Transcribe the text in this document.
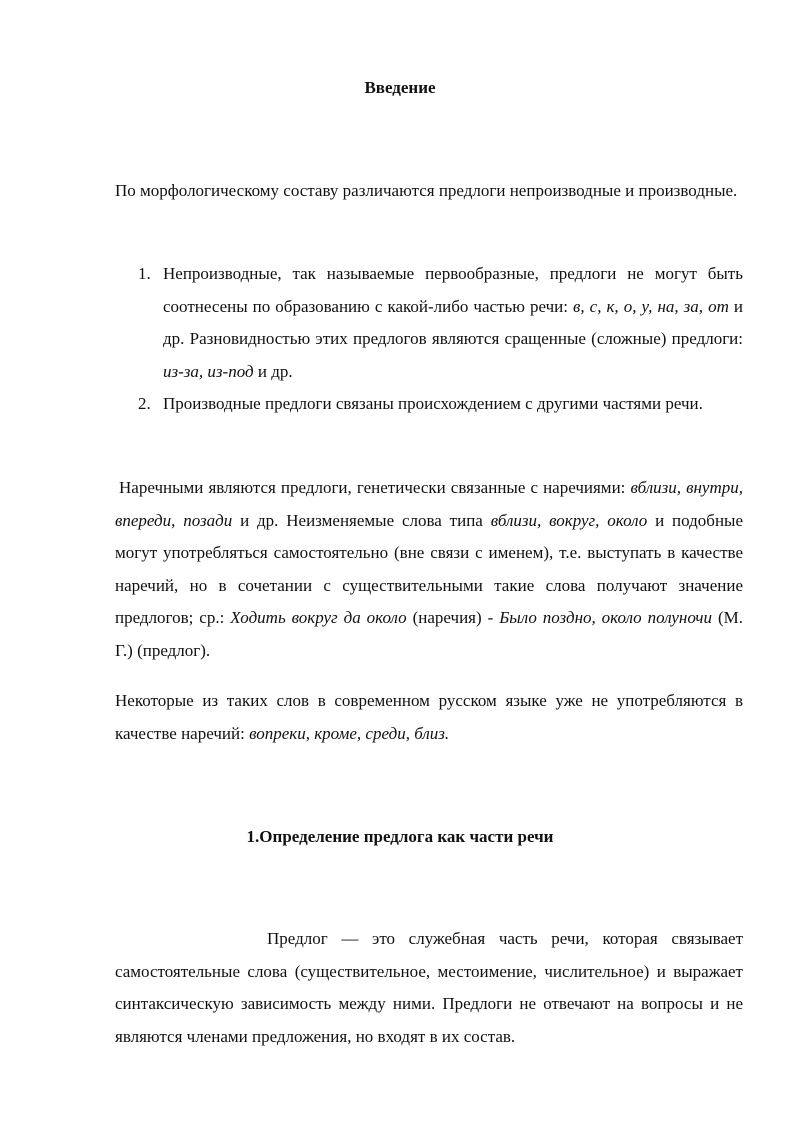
Введение

По морфологическому составу различаются предлоги непроизводные и производные.

1. Непроизводные, так называемые первообразные, предлоги не могут быть соотнесены по образованию с какой-либо частью речи: в, с, к, о, у, на, за, от и др. Разновидностью этих предлогов являются сращенные (сложные) предлоги: из-за, из-под и др.

2. Производные предлоги связаны происхождением с другими частями речи.

Наречными являются предлоги, генетически связанные с наречиями: вблизи, внутри, впереди, позади и др. Неизменяемые слова типа вблизи, вокруг, около и подобные могут употребляться самостоятельно (вне связи с именем), т.е. выступать в качестве наречий, но в сочетании с существительными такие слова получают значение предлогов; ср.: Ходить вокруг да около (наречия) - Было поздно, около полуночи (М. Г.) (предлог).

Некоторые из таких слов в современном русском языке уже не употребляются в качестве наречий: вопреки, кроме, среди, близ.

1.Определение предлога как части речи

Предлог — это служебная часть речи, которая связывает самостоятельные слова (существительное, местоимение, числительное) и выражает синтаксическую зависимость между ними. Предлоги не отвечают на вопросы и не являются членами предложения, но входят в их состав.
